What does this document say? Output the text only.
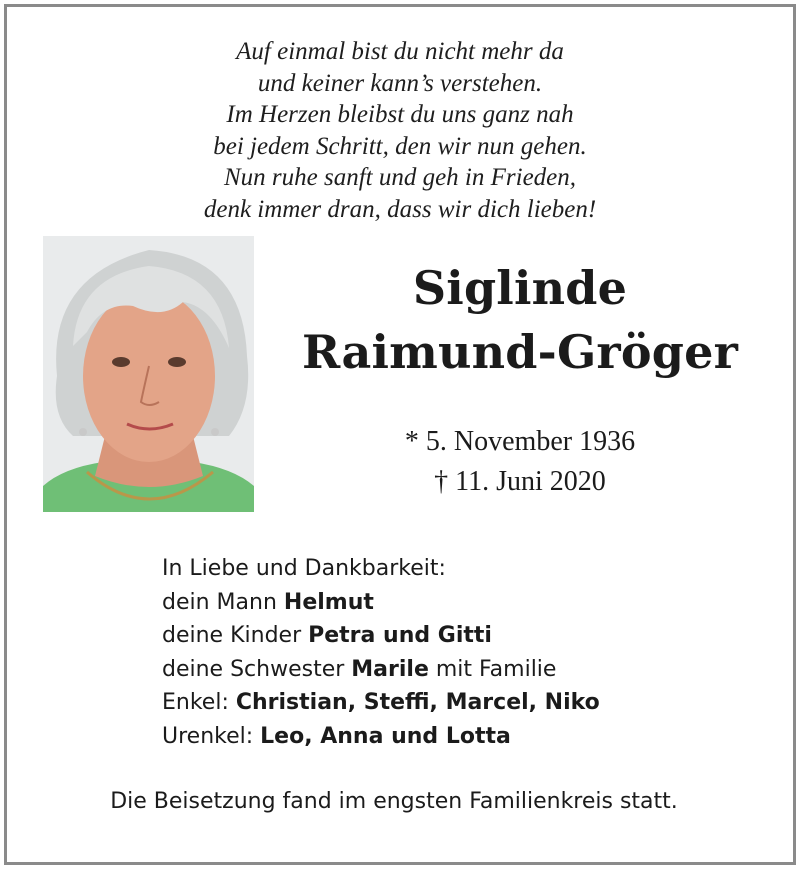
Auf einmal bist du nicht mehr da
und keiner kann’s verstehen.
Im Herzen bleibst du uns ganz nah
bei jedem Schritt, den wir nun gehen.
Nun ruhe sanft und geh in Frieden,
denk immer dran, dass wir dich lieben!
Siglinde
Raimund-Gröger
* 5. November 1936
† 11. Juni 2020
In Liebe und Dankbarkeit:
dein Mann Helmut
deine Kinder Petra und Gitti
deine Schwester Marile mit Familie
Enkel: Christian, Steffi, Marcel, Niko
Urenkel: Leo, Anna und Lotta
Die Beisetzung fand im engsten Familienkreis statt.
